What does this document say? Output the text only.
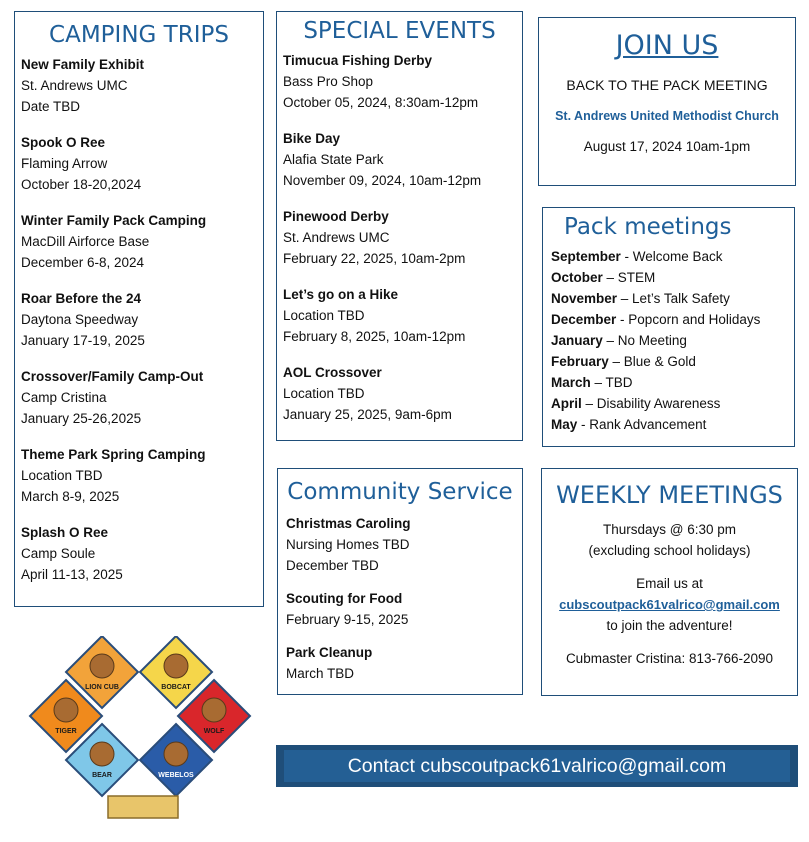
CAMPING TRIPS
New Family Exhibit
St. Andrews UMC
Date TBD
Spook O Ree
Flaming Arrow
October 18-20,2024
Winter Family Pack Camping
MacDill Airforce Base
December 6-8, 2024
Roar Before the 24
Daytona Speedway
January 17-19, 2025
Crossover/Family Camp-Out
Camp Cristina
January 25-26,2025
Theme Park Spring Camping
Location TBD
March 8-9, 2025
Splash O Ree
Camp Soule
April 11-13, 2025
SPECIAL EVENTS
Timucua Fishing Derby
Bass Pro Shop
October 05, 2024, 8:30am-12pm
Bike Day
Alafia State Park
November 09, 2024, 10am-12pm
Pinewood Derby
St. Andrews UMC
February 22, 2025, 10am-2pm
Let’s go on a Hike
Location TBD
February 8, 2025, 10am-12pm
AOL Crossover
Location TBD
January 25, 2025, 9am-6pm
JOIN US
BACK TO THE PACK MEETING
St. Andrews United Methodist Church
August 17, 2024 10am-1pm
Pack meetings
September - Welcome Back
October – STEM
November – Let’s Talk Safety
December - Popcorn and Holidays
January – No Meeting
February – Blue & Gold
March – TBD
April – Disability Awareness
May - Rank Advancement
Community Service
Christmas Caroling
Nursing Homes TBD
December TBD
Scouting for Food
February 9-15, 2025
Park Cleanup
March TBD
WEEKLY MEETINGS
Thursdays @ 6:30 pm
(excluding school holidays)
Email us at
cubscoutpack61valrico@gmail.com
to join the adventure!
Cubmaster Cristina: 813-766-2090
Contact cubscoutpack61valrico@gmail.com
LION CUB	BOBCAT
TIGER	WOLF
BEAR	WEBELOS
